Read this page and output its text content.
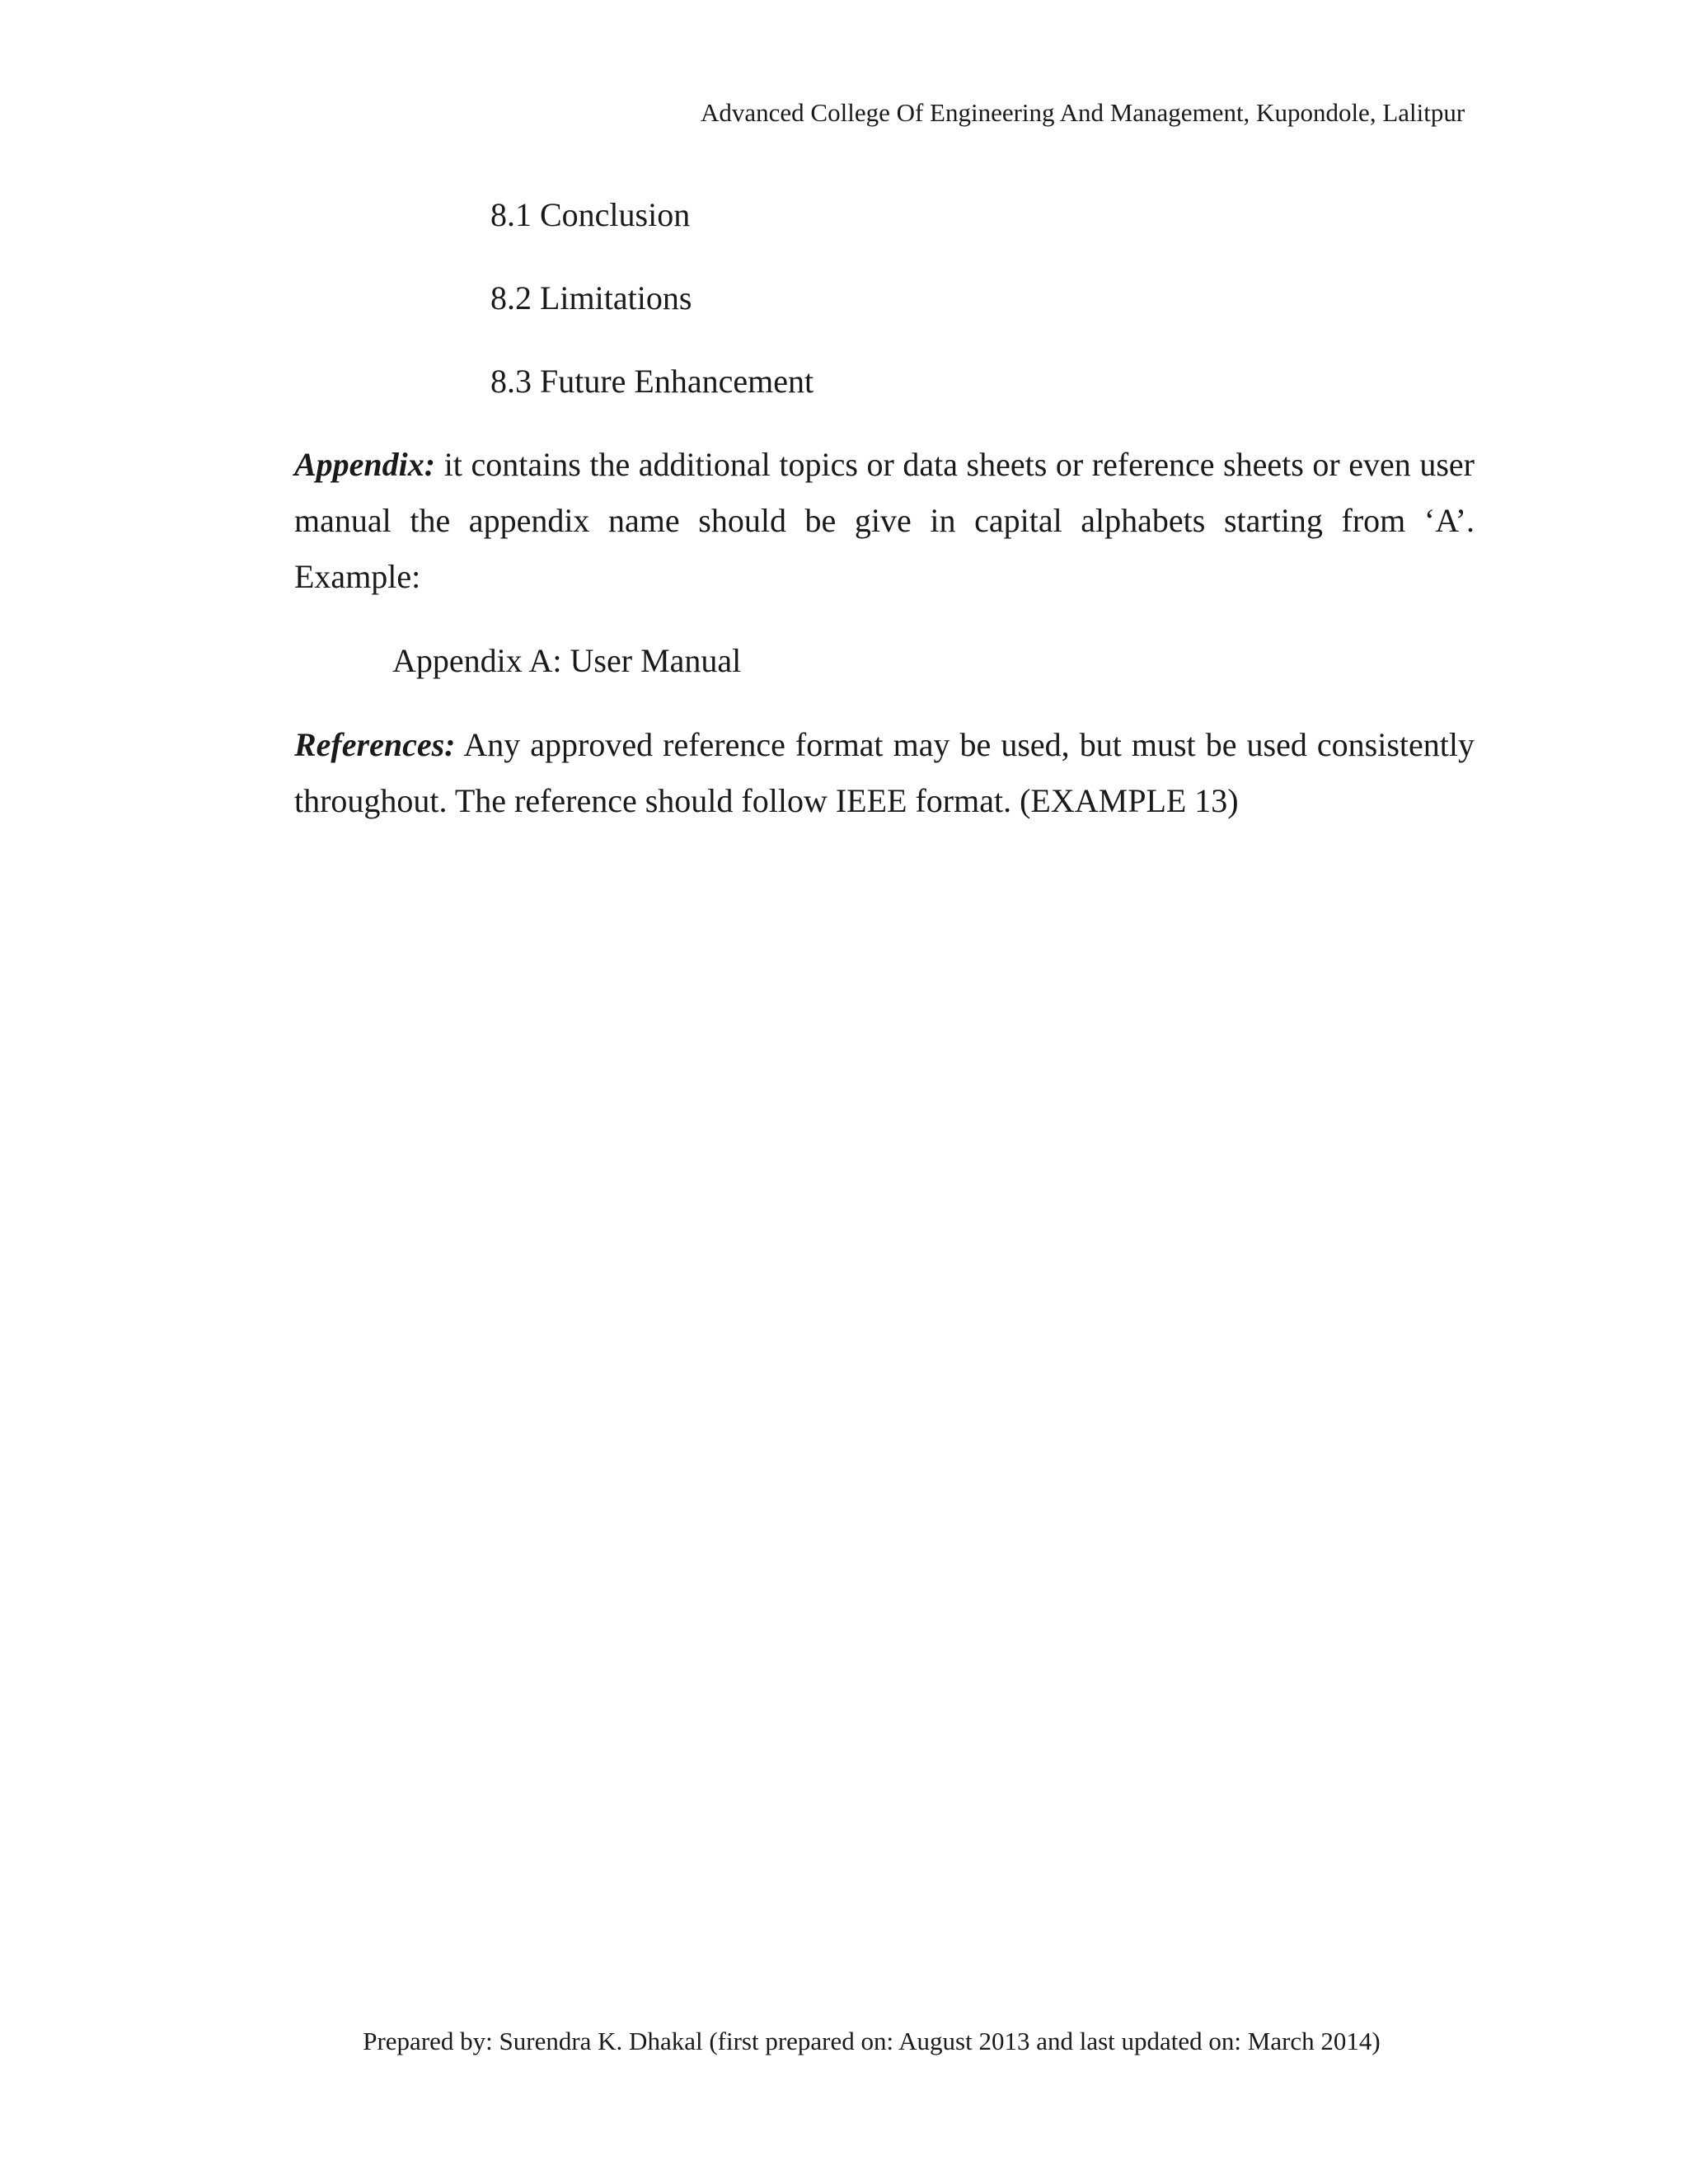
Advanced College Of Engineering And Management, Kupondole, Lalitpur
8.1 Conclusion
8.2 Limitations
8.3 Future Enhancement
Appendix: it contains the additional topics or data sheets or reference sheets or even user manual the appendix name should be give in capital alphabets starting from ‘A’. Example:
Appendix A: User Manual
References: Any approved reference format may be used, but must be used consistently throughout. The reference should follow IEEE format. (EXAMPLE 13)
Prepared by: Surendra K. Dhakal (first prepared on: August 2013 and last updated on: March 2014)
